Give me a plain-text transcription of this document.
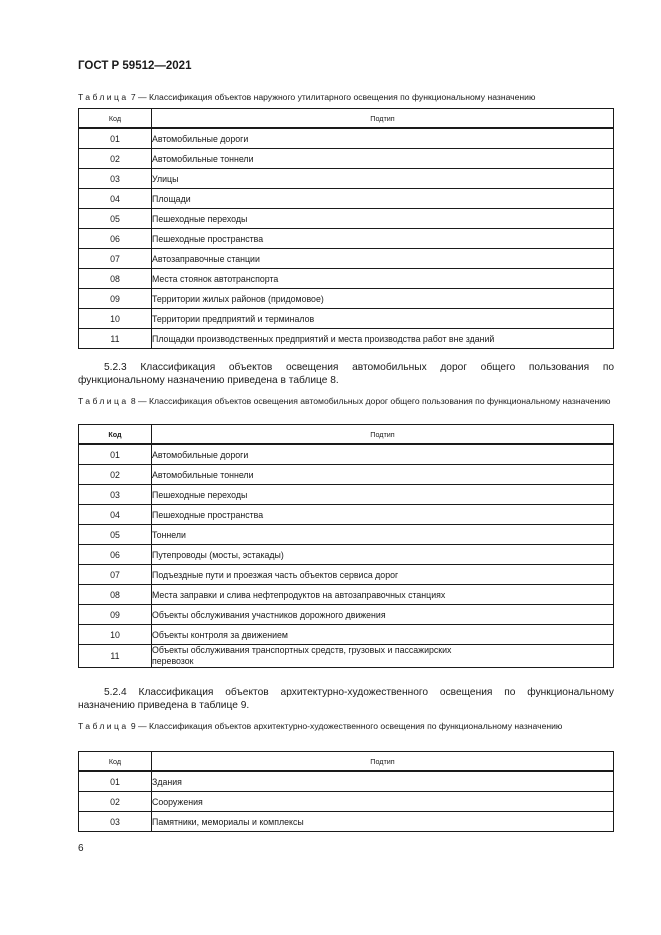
ГОСТ Р 59512—2021
Таблица 7 — Классификация объектов наружного утилитарного освещения по функциональному назначению
Код	Подтип
01	Автомобильные дороги
02	Автомобильные тоннели
03	Улицы
04	Площади
05	Пешеходные переходы
06	Пешеходные пространства
07	Автозаправочные станции
08	Места стоянок автотранспорта
09	Территории жилых районов (придомовое)
10	Территории предприятий и терминалов
11	Площадки производственных предприятий и места производства работ вне зданий
5.2.3 Классификация объектов освещения автомобильных дорог общего пользования по функциональному назначению приведена в таблице 8.
Таблица 8 — Классификация объектов освещения автомобильных дорог общего пользования по функциональному назначению
Код	Подтип
01	Автомобильные дороги
02	Автомобильные тоннели
03	Пешеходные переходы
04	Пешеходные пространства
05	Тоннели
06	Путепроводы (мосты, эстакады)
07	Подъездные пути и проезжая часть объектов сервиса дорог
08	Места заправки и слива нефтепродуктов на автозаправочных станциях
09	Объекты обслуживания участников дорожного движения
10	Объекты контроля за движением
11	Объекты обслуживания транспортных средств, грузовых и пассажирских
перевозок
5.2.4 Классификация объектов архитектурно-художественного освещения по функциональному назначению приведена в таблице 9.
Таблица 9 — Классификация объектов архитектурно-художественного освещения по функциональному назначению
Код	Подтип
01	Здания
02	Сооружения
03	Памятники, мемориалы и комплексы
6
